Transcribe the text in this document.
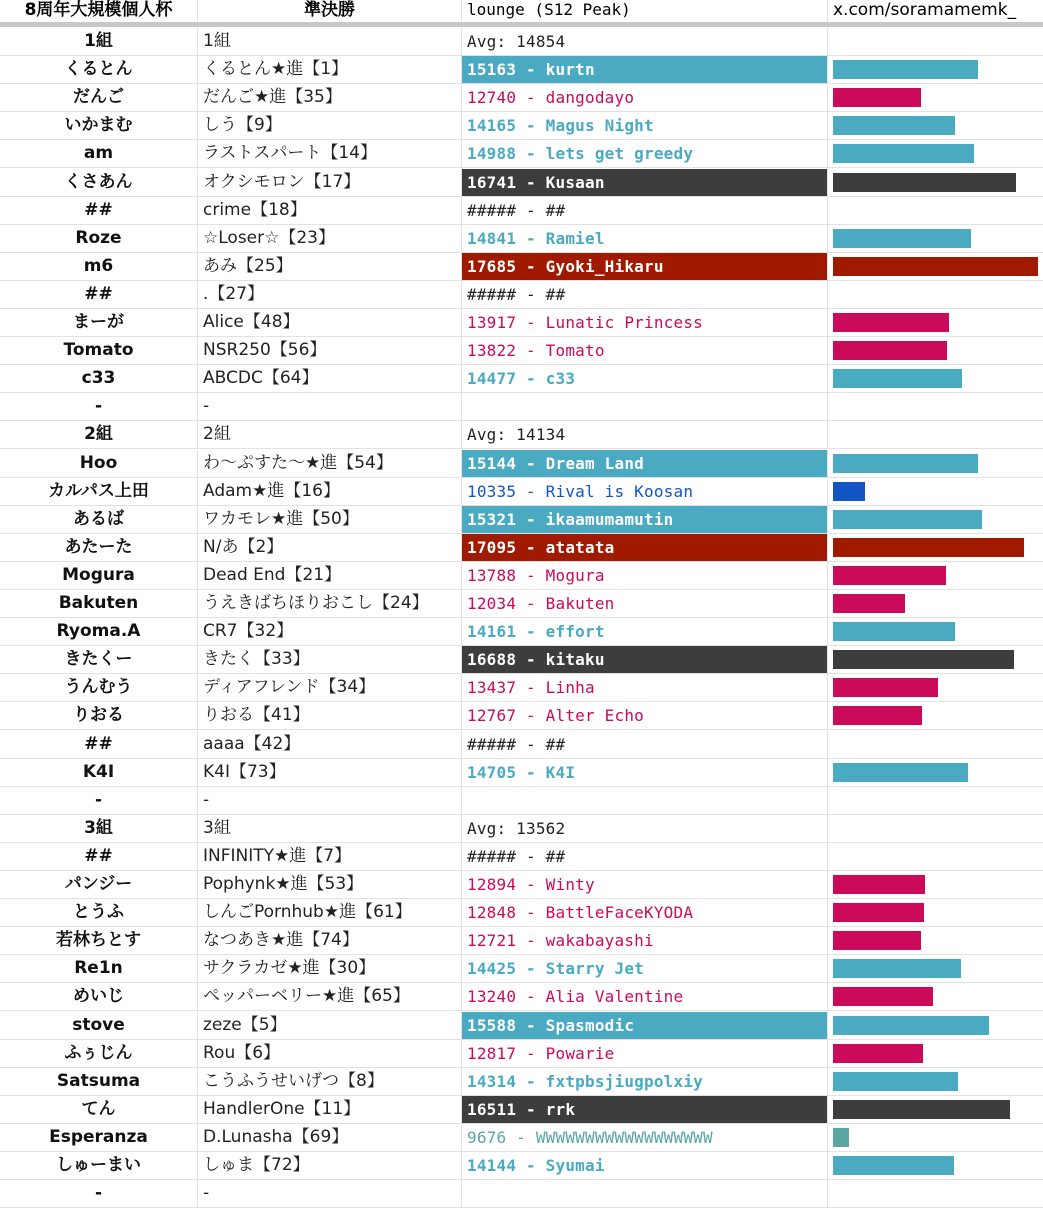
8周年大規模個人杯	準決勝	lounge (S12 Peak)	x.com/soramamemk_
1組	1組	Avg: 14854
くるとん	くるとん★進【1】	15163 - kurtn
だんご	だんご★進【35】	12740 - dangodayo
いかまむ	しう【9】	14165 - Magus Night
am	ラストスパート【14】	14988 - lets get greedy
くさあん	オクシモロン【17】	16741 - Kusaan
##	crime【18】	##### - ##
Roze	☆Loser☆【23】	14841 - Ramiel
m6	あみ【25】	17685 - Gyoki_Hikaru
##	.【27】	##### - ##
まーが	Alice【48】	13917 - Lunatic Princess
Tomato	NSR250【56】	13822 - Tomato
c33	ABCDC【64】	14477 - c33
-	-
2組	2組	Avg: 14134
Hoo	わ～ぷすた～★進【54】	15144 - Dream Land
カルパス上田	Adam★進【16】	10335 - Rival is Koosan
あるば	ワカモレ★進【50】	15321 - ikaamumamutin
あたーた	N/あ【2】	17095 - atatata
Mogura	Dead End【21】	13788 - Mogura
Bakuten	うえきばちほりおこし【24】	12034 - Bakuten
Ryoma.A	CR7【32】	14161 - effort
きたくー	きたく【33】	16688 - kitaku
うんむう	ディアフレンド【34】	13437 - Linha
りおる	りおる【41】	12767 - Alter Echo
##	aaaa【42】	##### - ##
K4I	K4I【73】	14705 - K4I
-	-
3組	3組	Avg: 13562
##	INFINITY★進【7】	##### - ##
パンジー	Pophynk★進【53】	12894 - Winty
とうふ	しんごPornhub★進【61】	12848 - BattleFaceKYODA
若林ちとす	なつあき★進【74】	12721 - wakabayashi
Re1n	サクラカゼ★進【30】	14425 - Starry Jet
めいじ	ペッパーベリー★進【65】	13240 - Alia Valentine
stove	zeze【5】	15588 - Spasmodic
ふぅじん	Rou【6】	12817 - Powarie
Satsuma	こうふうせいげつ【8】	14314 - fxtpbsjiugpolxiy
てん	HandlerOne【11】	16511 - rrk
Esperanza	D.Lunasha【69】	9676 - WWWWWWWWWWWWWWWWWW
しゅーまい	しゅま【72】	14144 - Syumai
-	-
